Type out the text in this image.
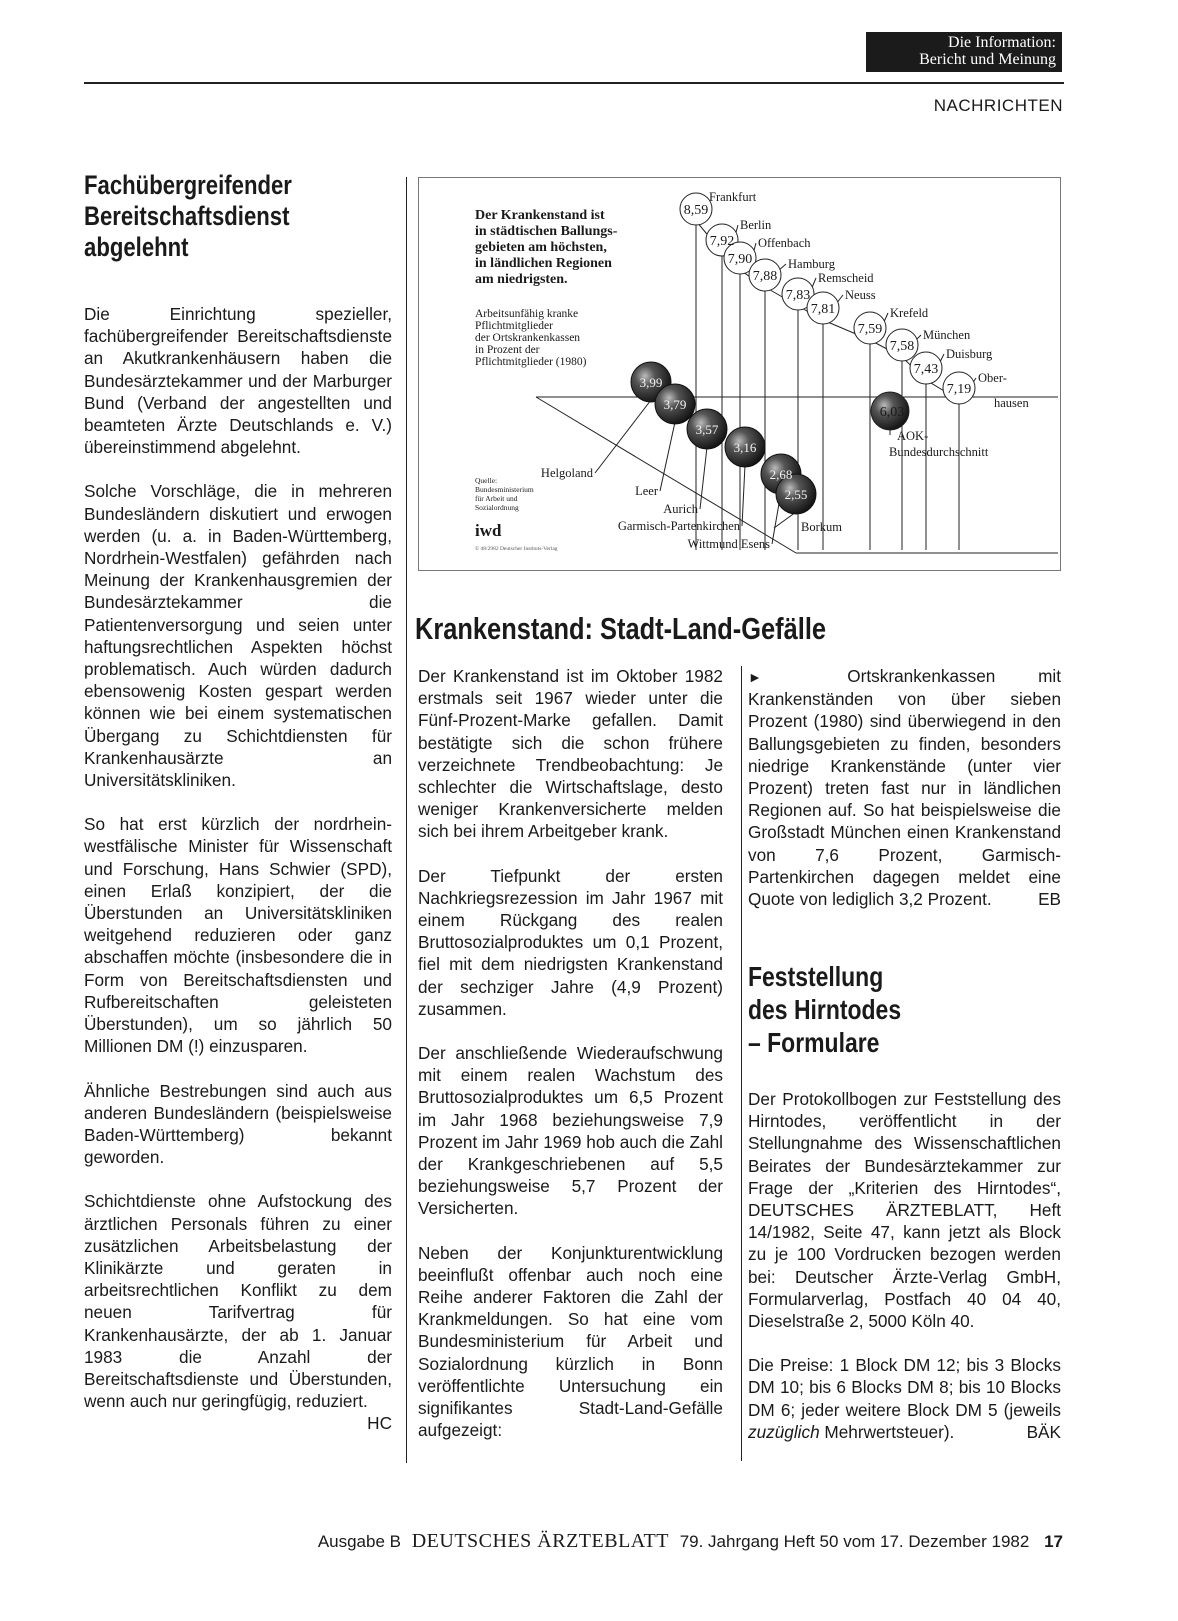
Die Information:
Bericht und Meinung
NACHRICHTEN
Fachübergreifender
Bereitschaftsdienst
abgelehnt

Die Einrichtung spezieller, fachübergreifender Bereitschaftsdienste an Akutkrankenhäusern haben die Bundesärztekammer und der Marburger Bund (Verband der angestellten und beamteten Ärzte Deutschlands e. V.) übereinstimmend abgelehnt.

Solche Vorschläge, die in mehreren Bundesländern diskutiert und erwogen werden (u. a. in Baden-Württemberg, Nordrhein-Westfalen) gefährden nach Meinung der Krankenhausgremien der Bundesärztekammer die Patientenversorgung und seien unter haftungsrechtlichen Aspekten höchst problematisch. Auch würden dadurch ebensowenig Kosten gespart werden können wie bei einem systematischen Übergang zu Schichtdiensten für Krankenhausärzte an Universitätskliniken.

So hat erst kürzlich der nordrhein-westfälische Minister für Wissenschaft und Forschung, Hans Schwier (SPD), einen Erlaß konzipiert, der die Überstunden an Universitätskliniken weitgehend reduzieren oder ganz abschaffen möchte (insbesondere die in Form von Bereitschaftsdiensten und Rufbereitschaften geleisteten Überstunden), um so jährlich 50 Millionen DM (!) einzusparen.

Ähnliche Bestrebungen sind auch aus anderen Bundesländern (beispielsweise Baden-Württemberg) bekannt geworden.

Schichtdienste ohne Aufstockung des ärztlichen Personals führen zu einer zusätzlichen Arbeitsbelastung der Klinikärzte und geraten in arbeitsrechtlichen Konflikt zu dem neuen Tarifvertrag für Krankenhausärzte, der ab 1. Januar 1983 die Anzahl der Bereitschaftsdienste und Überstunden, wenn auch nur geringfügig, reduziert.
HC

8,59
Frankfurt
7,92
Berlin
7,90
Offenbach
7,88
Hamburg
7,83
Remscheid
7,81
Neuss
7,59
Krefeld
7,58
München
7,43
Duisburg
7,19
Ober-
6,03
3,99
Helgoland
3,79
Leer
3,57
Aurich
3,16
Garmisch-Partenkirchen
2,68
Wittmund Esens
2,55
Borkum
Der Krankenstand ist
in städtischen Ballungs-
gebieten am höchsten,
in ländlichen Regionen
am niedrigsten.
Arbeitsunfähig kranke
Pflichtmitglieder
der Ortskrankenkassen
in Prozent der
Pflichtmitglieder (1980)
Quelle:
Bundesministerium
für Arbeit und
Sozialordnung
iwd
© 48/2982 Deutscher Instituts-Verlag
hausen
AOK-
Bundesdurchschnitt
Krankenstand: Stadt-Land-Gefälle

Der Krankenstand ist im Oktober 1982 erstmals seit 1967 wieder unter die Fünf-Prozent-Marke gefallen. Damit bestätigte sich die schon frühere verzeichnete Trendbeobachtung: Je schlechter die Wirtschaftslage, desto weniger Krankenversicherte melden sich bei ihrem Arbeitgeber krank.

Der Tiefpunkt der ersten Nachkriegsrezession im Jahr 1967 mit einem Rückgang des realen Bruttosozialproduktes um 0,1 Prozent, fiel mit dem niedrigsten Krankenstand der sechziger Jahre (4,9 Prozent) zusammen.

Der anschließende Wiederaufschwung mit einem realen Wachstum des Bruttosozialproduktes um 6,5 Prozent im Jahr 1968 beziehungsweise 7,9 Prozent im Jahr 1969 hob auch die Zahl der Krankgeschriebenen auf 5,5 beziehungsweise 5,7 Prozent der Versicherten.

Neben der Konjunkturentwicklung beeinflußt offenbar auch noch eine Reihe anderer Faktoren die Zahl der Krankmeldungen. So hat eine vom Bundesministerium für Arbeit und Sozialordnung kürzlich in Bonn veröffentlichte Untersuchung ein signifikantes Stadt-Land-Gefälle aufgezeigt:

►	Ortskrankenkassen mit Krankenständen von über sieben Prozent (1980) sind überwiegend in den Ballungsgebieten zu finden, besonders niedrige Krankenstände (unter vier Prozent) treten fast nur in ländlichen Regionen auf. So hat beispielsweise die Großstadt München einen Krankenstand von 7,6 Prozent, Garmisch-Partenkirchen dagegen meldet eine Quote von lediglich 3,2 Prozent.	EB

Feststellung
des Hirntodes
– Formulare

Der Protokollbogen zur Feststellung des Hirntodes, veröffentlicht in der Stellungnahme des Wissenschaftlichen Beirates der Bundesärztekammer zur Frage der „Kriterien des Hirntodes“, DEUTSCHES ÄRZTEBLATT, Heft 14/1982, Seite 47, kann jetzt als Block zu je 100 Vordrucken bezogen werden bei: Deutscher Ärzte-Verlag GmbH, Formularverlag, Postfach 40 04 40, Dieselstraße 2, 5000 Köln 40.

Die Preise: 1 Block DM 12; bis 3 Blocks DM 10; bis 6 Blocks DM 8; bis 10 Blocks DM 6; jeder weitere Block DM 5 (jeweils zuzüglich Mehrwertsteuer).	BÄK

Ausgabe B DEUTSCHES ÄRZTEBLATT 79. Jahrgang Heft 50 vom 17. Dezember 1982 17
